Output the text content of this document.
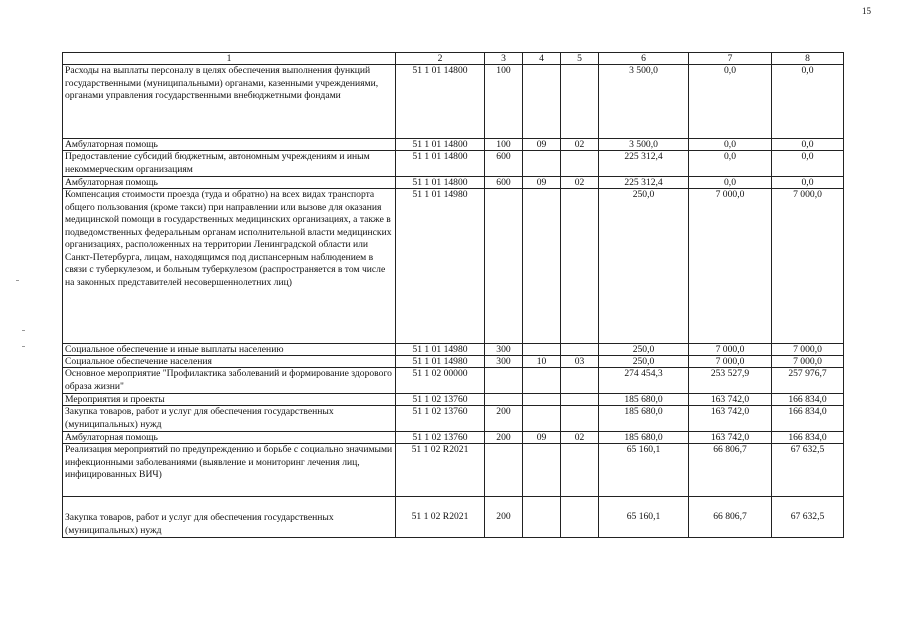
15
1	2	3	4	5	6	7	8
Расходы на выплаты персоналу в целях обеспечения выполнения функций государственными (муниципальными) органами, казенными учреждениями, органами управления государственными внебюджетными фондами	51 1 01 14800	100			3 500,0	0,0	0,0
Амбулаторная помощь	51 1 01 14800	100	09	02	3 500,0	0,0	0,0
Предоставление субсидий бюджетным, автономным учреждениям и иным некоммерческим организациям	51 1 01 14800	600			225 312,4	0,0	0,0
Амбулаторная помощь	51 1 01 14800	600	09	02	225 312,4	0,0	0,0
Компенсация стоимости проезда (туда и обратно) на всех видах транспорта общего пользования (кроме такси) при направлении или вызове для оказания медицинской помощи в государственных медицинских организациях, а также в подведомственных федеральным органам исполнительной власти медицинских организациях, расположенных на территории Ленинградской области или Санкт-Петербурга, лицам, находящимся под диспансерным наблюдением в связи с туберкулезом, и больным туберкулезом (распространяется в том числе на законных представителей несовершеннолетних лиц)	51 1 01 14980				250,0	7 000,0	7 000,0
Социальное обеспечение и иные выплаты населению	51 1 01 14980	300			250,0	7 000,0	7 000,0
Социальное обеспечение населения	51 1 01 14980	300	10	03	250,0	7 000,0	7 000,0
Основное мероприятие "Профилактика заболеваний и формирование здорового образа жизни"	51 1 02 00000				274 454,3	253 527,9	257 976,7
Мероприятия и проекты	51 1 02 13760				185 680,0	163 742,0	166 834,0
Закупка товаров, работ и услуг для обеспечения государственных (муниципальных) нужд	51 1 02 13760	200			185 680,0	163 742,0	166 834,0
Амбулаторная помощь	51 1 02 13760	200	09	02	185 680,0	163 742,0	166 834,0
Реализация мероприятий по предупреждению и борьбе с социально значимыми инфекционными заболеваниями (выявление и мониторинг лечения лиц, инфицированных ВИЧ)	51 1 02 R2021				65 160,1	66 806,7	67 632,5
Закупка товаров, работ и услуг для обеспечения государственных (муниципальных) нужд	51 1 02 R2021	200			65 160,1	66 806,7	67 632,5
